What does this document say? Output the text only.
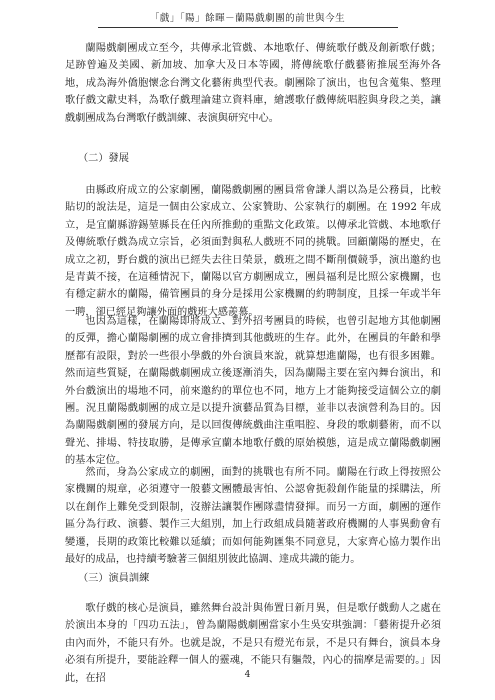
「戲」「陽」餘暉－蘭陽戲劇團的前世與今生

蘭陽戲劇團成立至今，共傳承北管戲、本地歌仔、傳統歌仔戲及創新歌仔戲；足跡曾遍及美國、新加坡、加拿大及日本等國，將傳統歌仔戲藝術推展至海外各地，成為海外僑胞懷念台灣文化藝術典型代表。劇團除了演出，也包含蒐集、整理歌仔戲文獻史料，為歌仔戲理論建立資料庫，繪護歌仔戲傳統唱腔與身段之美，讓戲劇團成為台灣歌仔戲訓練、表演與研究中心。

（二）發展

由縣政府成立的公家劇團，蘭陽戲劇團的團員常會謙人謂以為是公務員，比較貼切的說法是，這是一個由公家成立、公家贊助、公家執行的劇團。在 1992 年成立，是宜蘭縣游錫堃縣長在任內所推動的重點文化政策。以傳承北管戲、本地歌仔及傳統歌仔戲為成立宗旨，必須面對與私人戲班不同的挑戰。回顧蘭陽的歷史，在成立之初，野台戲的演出已經失去往日榮景，戲班之間不斷削價競爭，演出邀約也是青黃不接，在這種情況下，蘭陽以官方劇團成立，團員福利是比照公家機關，也有穩定薪水的蘭陽，備管團員的身分是採用公家機關的約聘制度，且採一年或半年一聘，卻已經足夠讓外面的戲班大感羨慕。

也因為這樣，在蘭陽即將成立、對外招考團員的時候，也曾引起地方其他劇團的反彈，擔心蘭陽劇團的成立會排擠到其他戲班的生存。此外，在團員的年齡和學歷都有設限，對於一些很小學戲的外台演員來說，就算想進蘭陽，也有很多困難。然而這些質疑，在蘭陽戲劇團成立後逐漸消失，因為蘭陽主要在室內舞台演出，和外台戲演出的場地不同，前來邀約的單位也不同，地方上才能夠接受這個公立的劇團。況且蘭陽戲劇團的成立是以提升演藝品質為目標，並非以表演營利為目的。因為蘭陽戲劇團的發展方向，是以回復傳統戲曲注重唱腔、身段的歌劇藝術，而不以聲光、排場、特技取勝，是傳承宣蘭本地歌仔戲的原始模態，這是成立蘭陽戲劇團的基本定位。

然而，身為公家成立的劇團，面對的挑戰也有所不同。蘭陽在行政上得按照公家機關的規章，必須遵守一般藝文團體最害怕、公認會扼殺創作能量的採購法，所以在創作上難免受到限制，沒辦法讓製作團隊盡情發揮。而另一方面，劇團的運作區分為行政、演藝、製作三大組別，加上行政組成員隨著政府機關的人事異動會有變遷，長期的政策比較難以延續；而如何能夠匯集不同意見，大家齊心協力製作出最好的成品，也持續考驗著三個組別彼此協調、達成共識的能力。

（三）演員訓練

歌仔戲的核心是演員，雖然舞台設計與佈置日新月異，但是歌仔戲動人之處在於演出本身的「四功五法」，曾為蘭陽戲劇團當家小生吳安琪強調：「藝術提升必須由內而外，不能只有外。也就是說，不是只有燈光布景，不是只有舞台，演員本身必須有所提升，要能詮釋一個人的靈魂，不能只有軀殼，內心的揣摩是需要的。」因此，在招	4
